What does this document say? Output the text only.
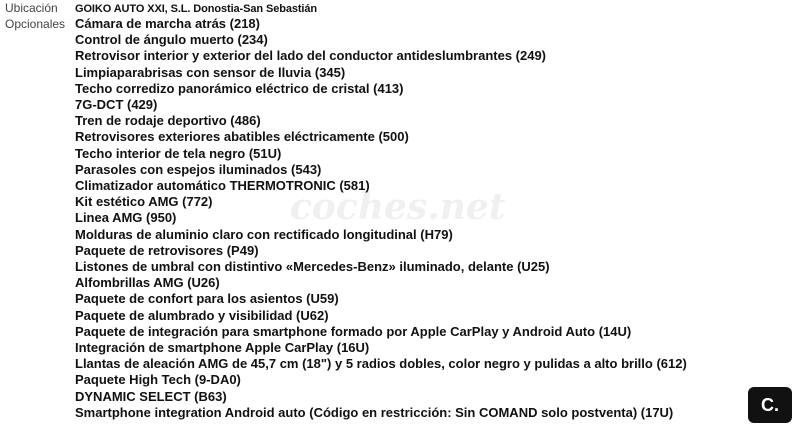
Ubicación	GOIKO AUTO XXI, S.L. Donostia-San Sebastián
Opcionales Cámara de marcha atrás (218)
Control de ángulo muerto (234)
Retrovisor interior y exterior del lado del conductor antideslumbrantes (249)
Limpiaparabrisas con sensor de lluvia (345)
Techo corredizo panorámico eléctrico de cristal (413)
7G-DCT (429)
Tren de rodaje deportivo (486)
Retrovisores exteriores abatibles eléctricamente (500)
Techo interior de tela negro (51U)
Parasoles con espejos iluminados (543)
Climatizador automático THERMOTRONIC (581)
Kit estético AMG (772)
Linea AMG (950)
Molduras de aluminio claro con rectificado longitudinal (H79)
Paquete de retrovisores (P49)
Listones de umbral con distintivo «Mercedes-Benz» iluminado, delante (U25)
Alfombrillas AMG (U26)
Paquete de confort para los asientos (U59)
Paquete de alumbrado y visibilidad (U62)
Paquete de integración para smartphone formado por Apple CarPlay y Android Auto (14U)
Integración de smartphone Apple CarPlay (16U)
Llantas de aleación AMG de 45,7 cm (18") y 5 radios dobles, color negro y pulidas a alto brillo (612)
Paquete High Tech (9-DA0)
DYNAMIC SELECT (B63)
Smartphone integration Android auto (Código en restricción: Sin COMAND solo postventa) (17U)
coches.net
C.
